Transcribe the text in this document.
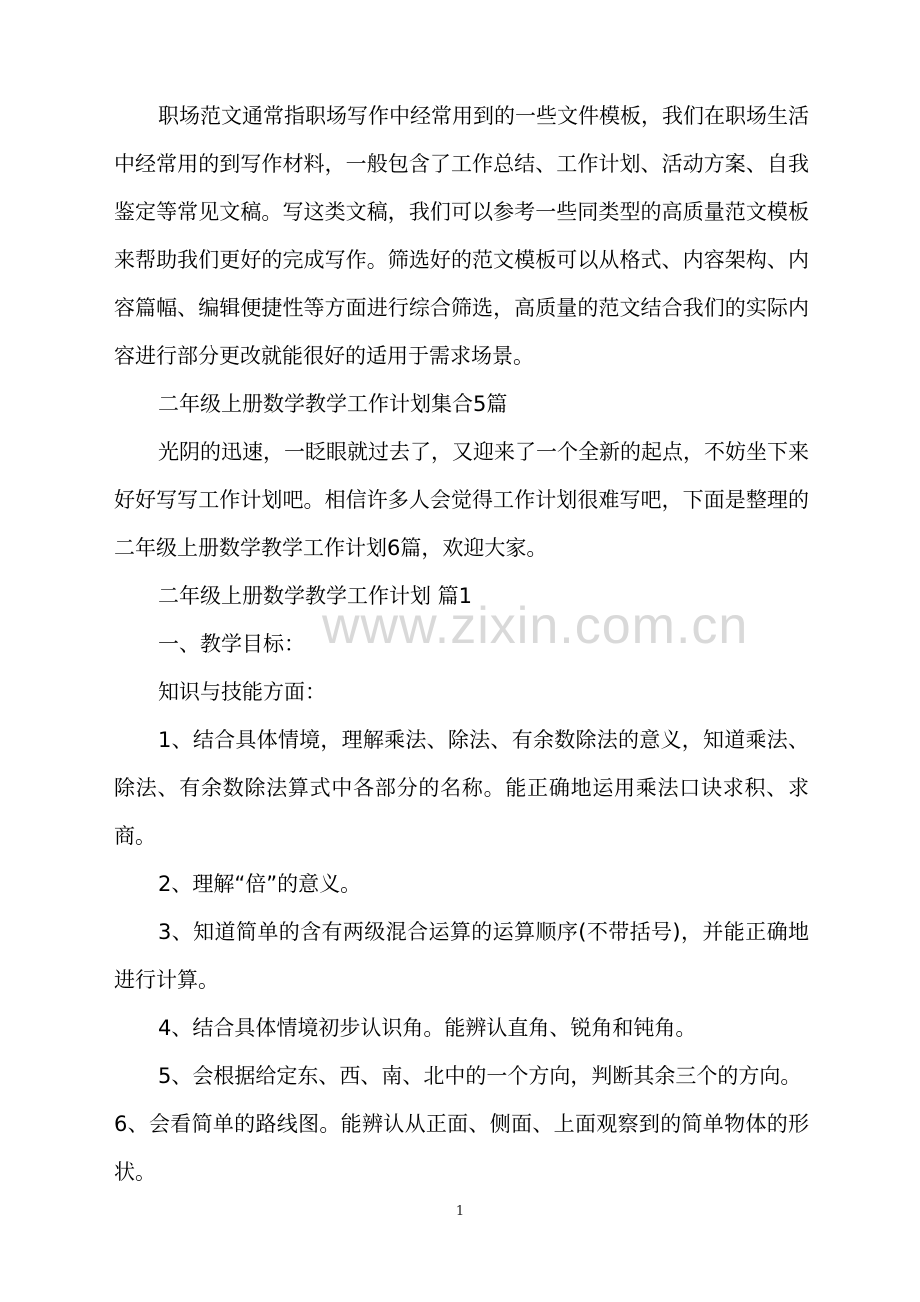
职场范文通常指职场写作中经常用到的一些文件模板，我们在职场生活中经常用的到写作材料，一般包含了工作总结、工作计划、活动方案、自我鉴定等常见文稿。写这类文稿，我们可以参考一些同类型的高质量范文模板来帮助我们更好的完成写作。筛选好的范文模板可以从格式、内容架构、内容篇幅、编辑便捷性等方面进行综合筛选，高质量的范文结合我们的实际内容进行部分更改就能很好的适用于需求场景。

二年级上册数学教学工作计划集合5篇

光阴的迅速，一眨眼就过去了，又迎来了一个全新的起点，不妨坐下来好好写写工作计划吧。相信许多人会觉得工作计划很难写吧，下面是整理的二年级上册数学教学工作计划6篇，欢迎大家。

二年级上册数学教学工作计划 篇1

一、教学目标：

知识与技能方面：

1、结合具体情境，理解乘法、除法、有余数除法的意义，知道乘法、除法、有余数除法算式中各部分的名称。能正确地运用乘法口诀求积、求商。

2、理解“倍”的意义。

3、知道简单的含有两级混合运算的运算顺序(不带括号)，并能正确地进行计算。

4、结合具体情境初步认识角。能辨认直角、锐角和钝角。

5、会根据给定东、西、南、北中的一个方向，判断其余三个的方向。

6、会看简单的路线图。能辨认从正面、侧面、上面观察到的简单物体的形状。

www.zixin.com.cn
1
